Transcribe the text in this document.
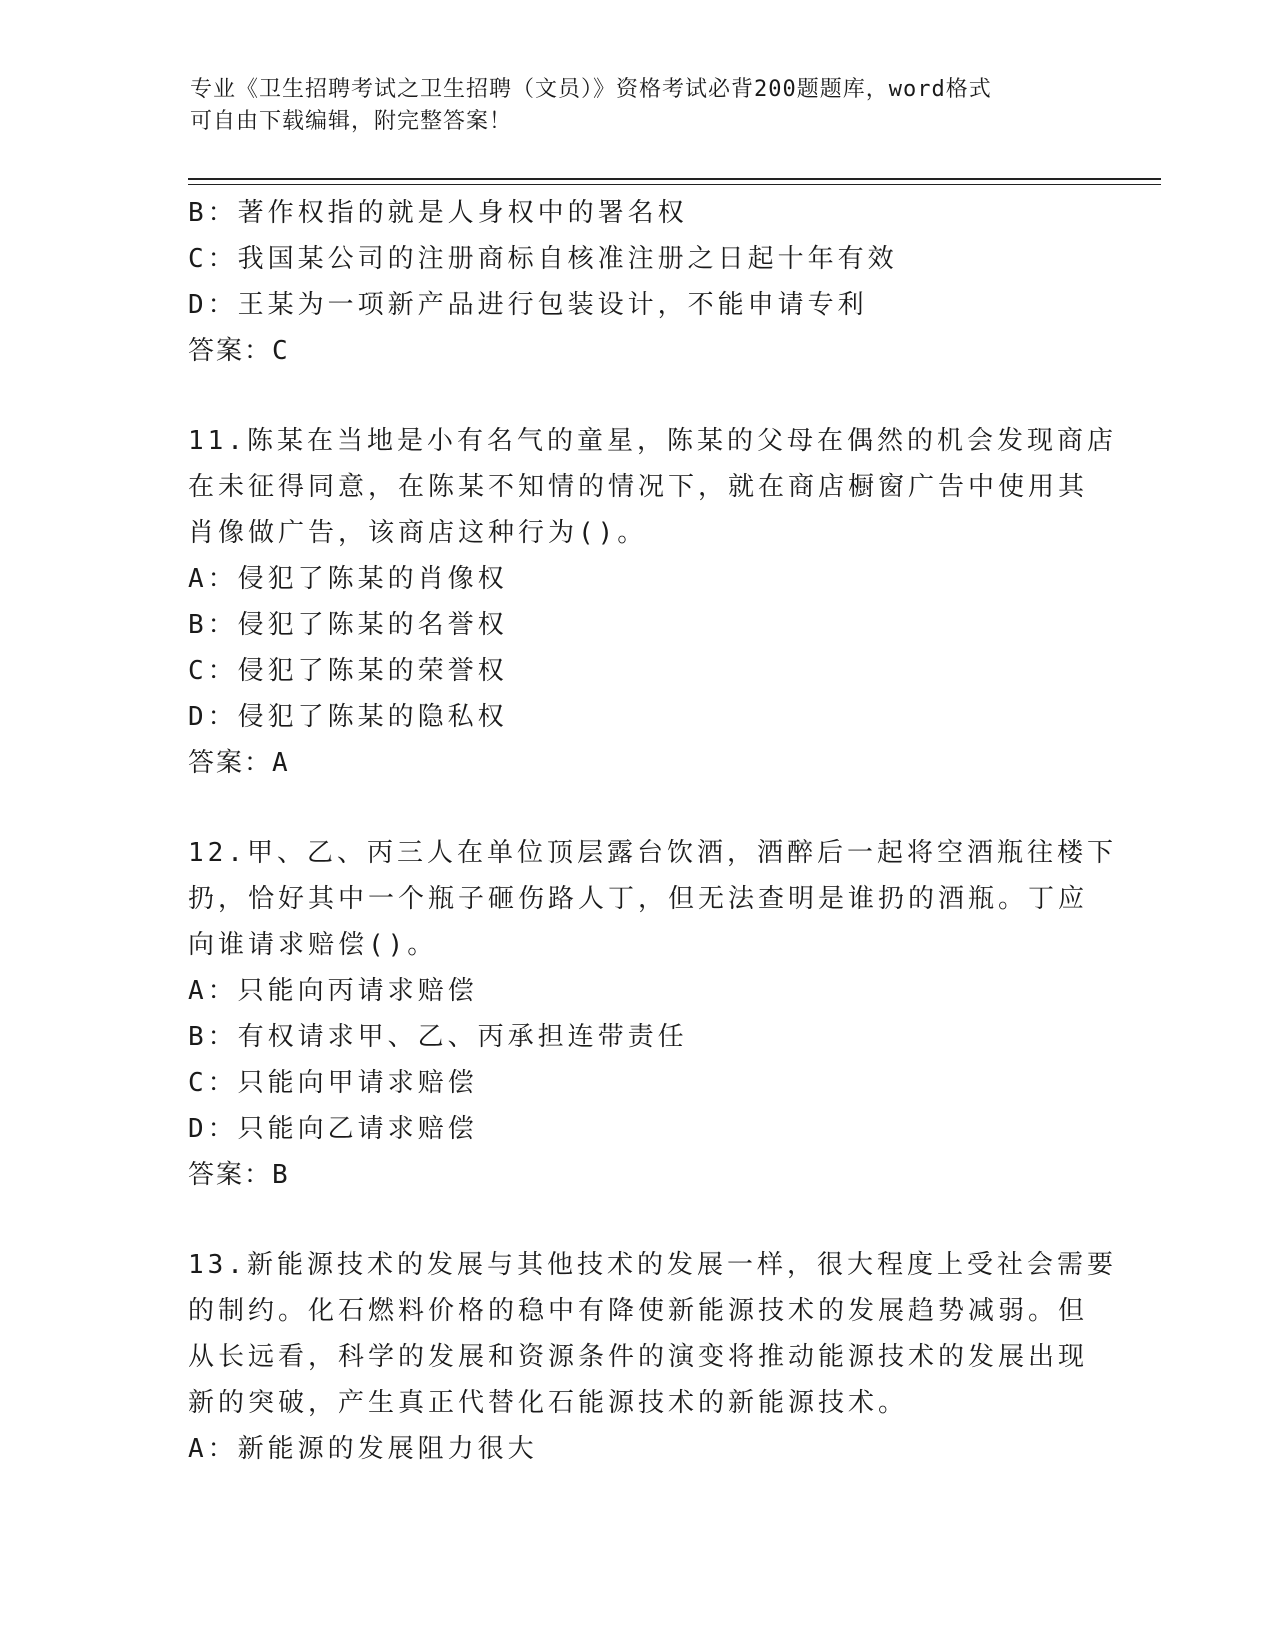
专业《卫生招聘考试之卫生招聘（文员）》资格考试必背200题题库，word格式
可自由下载编辑，附完整答案！
B：著作权指的就是人身权中的署名权
C：我国某公司的注册商标自核准注册之日起十年有效
D：王某为一项新产品进行包装设计，不能申请专利
答案：C
11.陈某在当地是小有名气的童星，陈某的父母在偶然的机会发现商店
在未征得同意，在陈某不知情的情况下，就在商店橱窗广告中使用其
肖像做广告，该商店这种行为()。
A：侵犯了陈某的肖像权
B：侵犯了陈某的名誉权
C：侵犯了陈某的荣誉权
D：侵犯了陈某的隐私权
答案：A
12.甲、乙、丙三人在单位顶层露台饮酒，酒醉后一起将空酒瓶往楼下
扔，恰好其中一个瓶子砸伤路人丁，但无法查明是谁扔的酒瓶。丁应
向谁请求赔偿()。
A：只能向丙请求赔偿
B：有权请求甲、乙、丙承担连带责任
C：只能向甲请求赔偿
D：只能向乙请求赔偿
答案：B
13.新能源技术的发展与其他技术的发展一样，很大程度上受社会需要
的制约。化石燃料价格的稳中有降使新能源技术的发展趋势减弱。但
从长远看，科学的发展和资源条件的演变将推动能源技术的发展出现
新的突破，产生真正代替化石能源技术的新能源技术。
A：新能源的发展阻力很大
